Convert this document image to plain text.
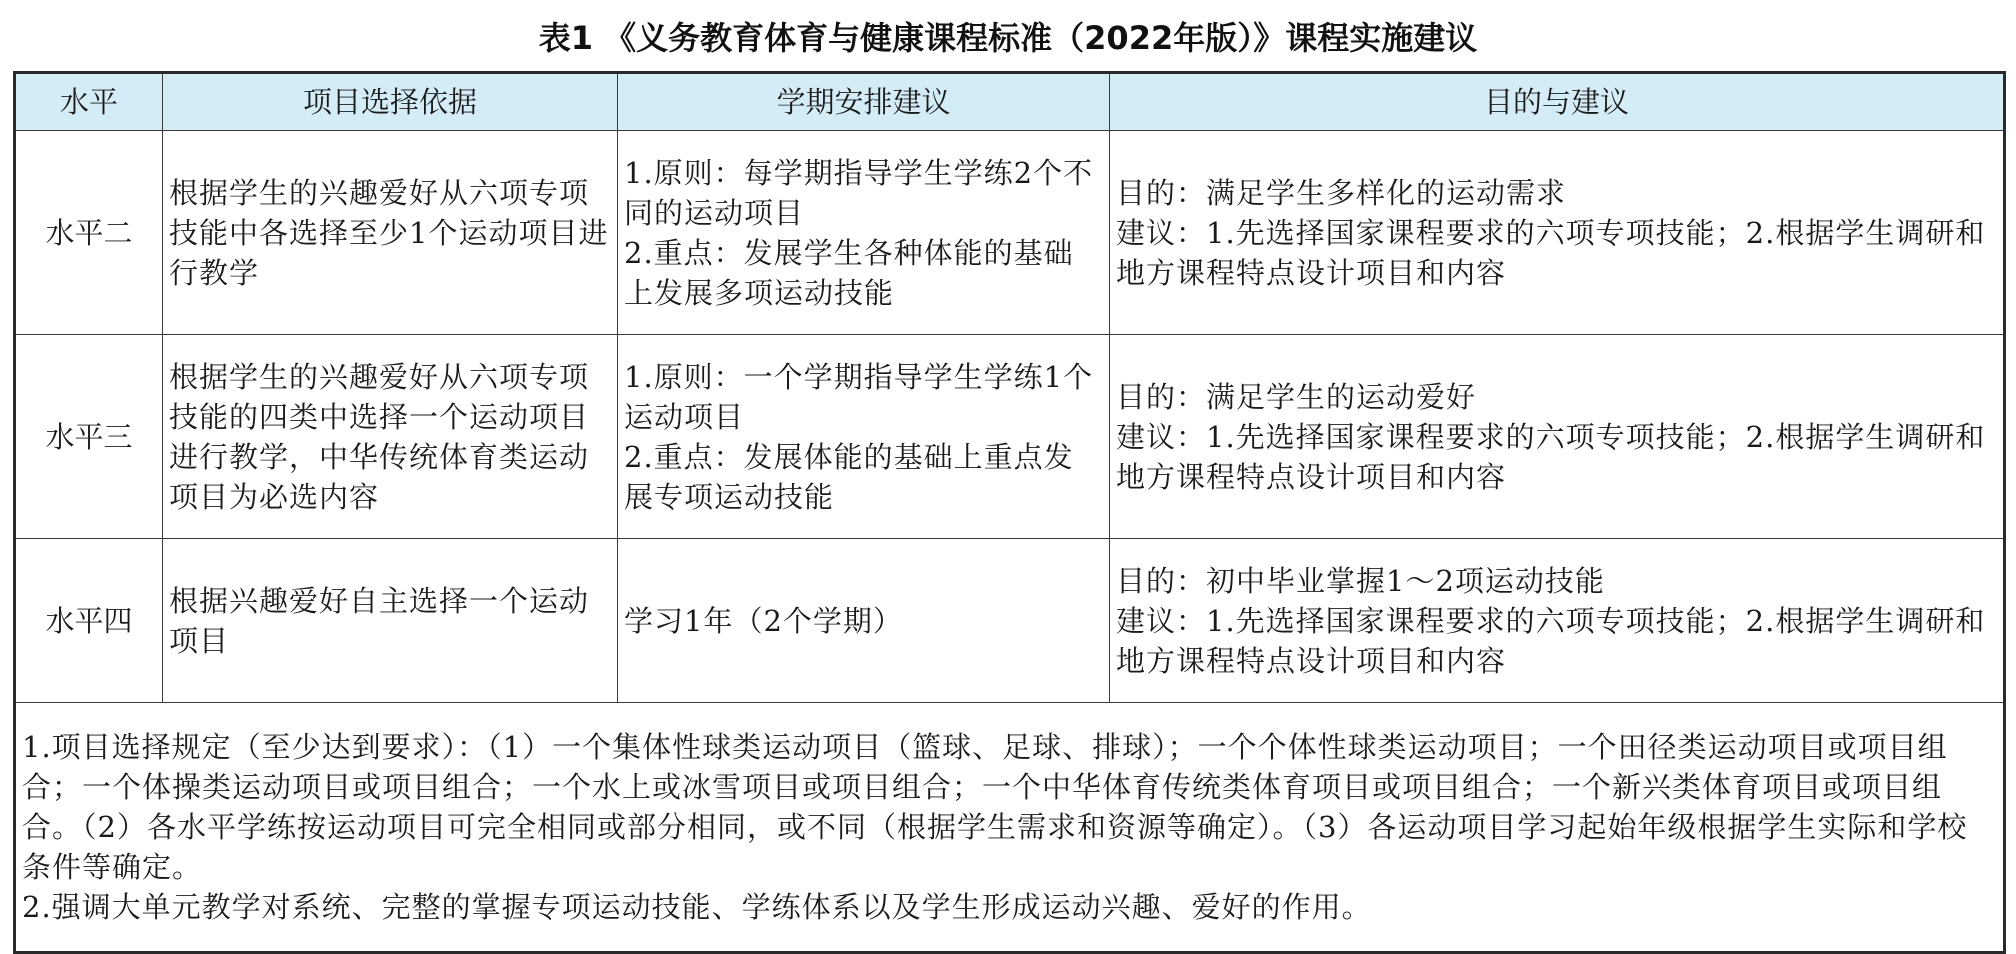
表1 《义务教育体育与健康课程标准（2022年版）》课程实施建议
水平	项目选择依据	学期安排建议	目的与建议
水平二	根据学生的兴趣爱好从六项专项技能中各选择至少1个运动项目进行教学	1.原则：每学期指导学生学练2个不同的运动项目
2.重点：发展学生各种体能的基础上发展多项运动技能	目的：满足学生多样化的运动需求
建议：1.先选择国家课程要求的六项专项技能；2.根据学生调研和地方课程特点设计项目和内容

水平三	根据学生的兴趣爱好从六项专项技能的四类中选择一个运动项目进行教学，中华传统体育类运动项目为必选内容	1.原则：一个学期指导学生学练1个运动项目
2.重点：发展体能的基础上重点发展专项运动技能	目的：满足学生的运动爱好
建议：1.先选择国家课程要求的六项专项技能；2.根据学生调研和地方课程特点设计项目和内容

水平四	根据兴趣爱好自主选择一个运动项目	学习1年（2个学期）	目的：初中毕业掌握1～2项运动技能
建议：1.先选择国家课程要求的六项专项技能；2.根据学生调研和地方课程特点设计项目和内容

1.项目选择规定（至少达到要求）：（1）一个集体性球类运动项目（篮球、足球、排球）；一个个体性球类运动项目；一个田径类运动项目或项目组合；一个体操类运动项目或项目组合；一个水上或冰雪项目或项目组合；一个中华体育传统类体育项目或项目组合；一个新兴类体育项目或项目组合。（2）各水平学练按运动项目可完全相同或部分相同，或不同（根据学生需求和资源等确定）。（3）各运动项目学习起始年级根据学生实际和学校条件等确定。
2.强调大单元教学对系统、完整的掌握专项运动技能、学练体系以及学生形成运动兴趣、爱好的作用。			
